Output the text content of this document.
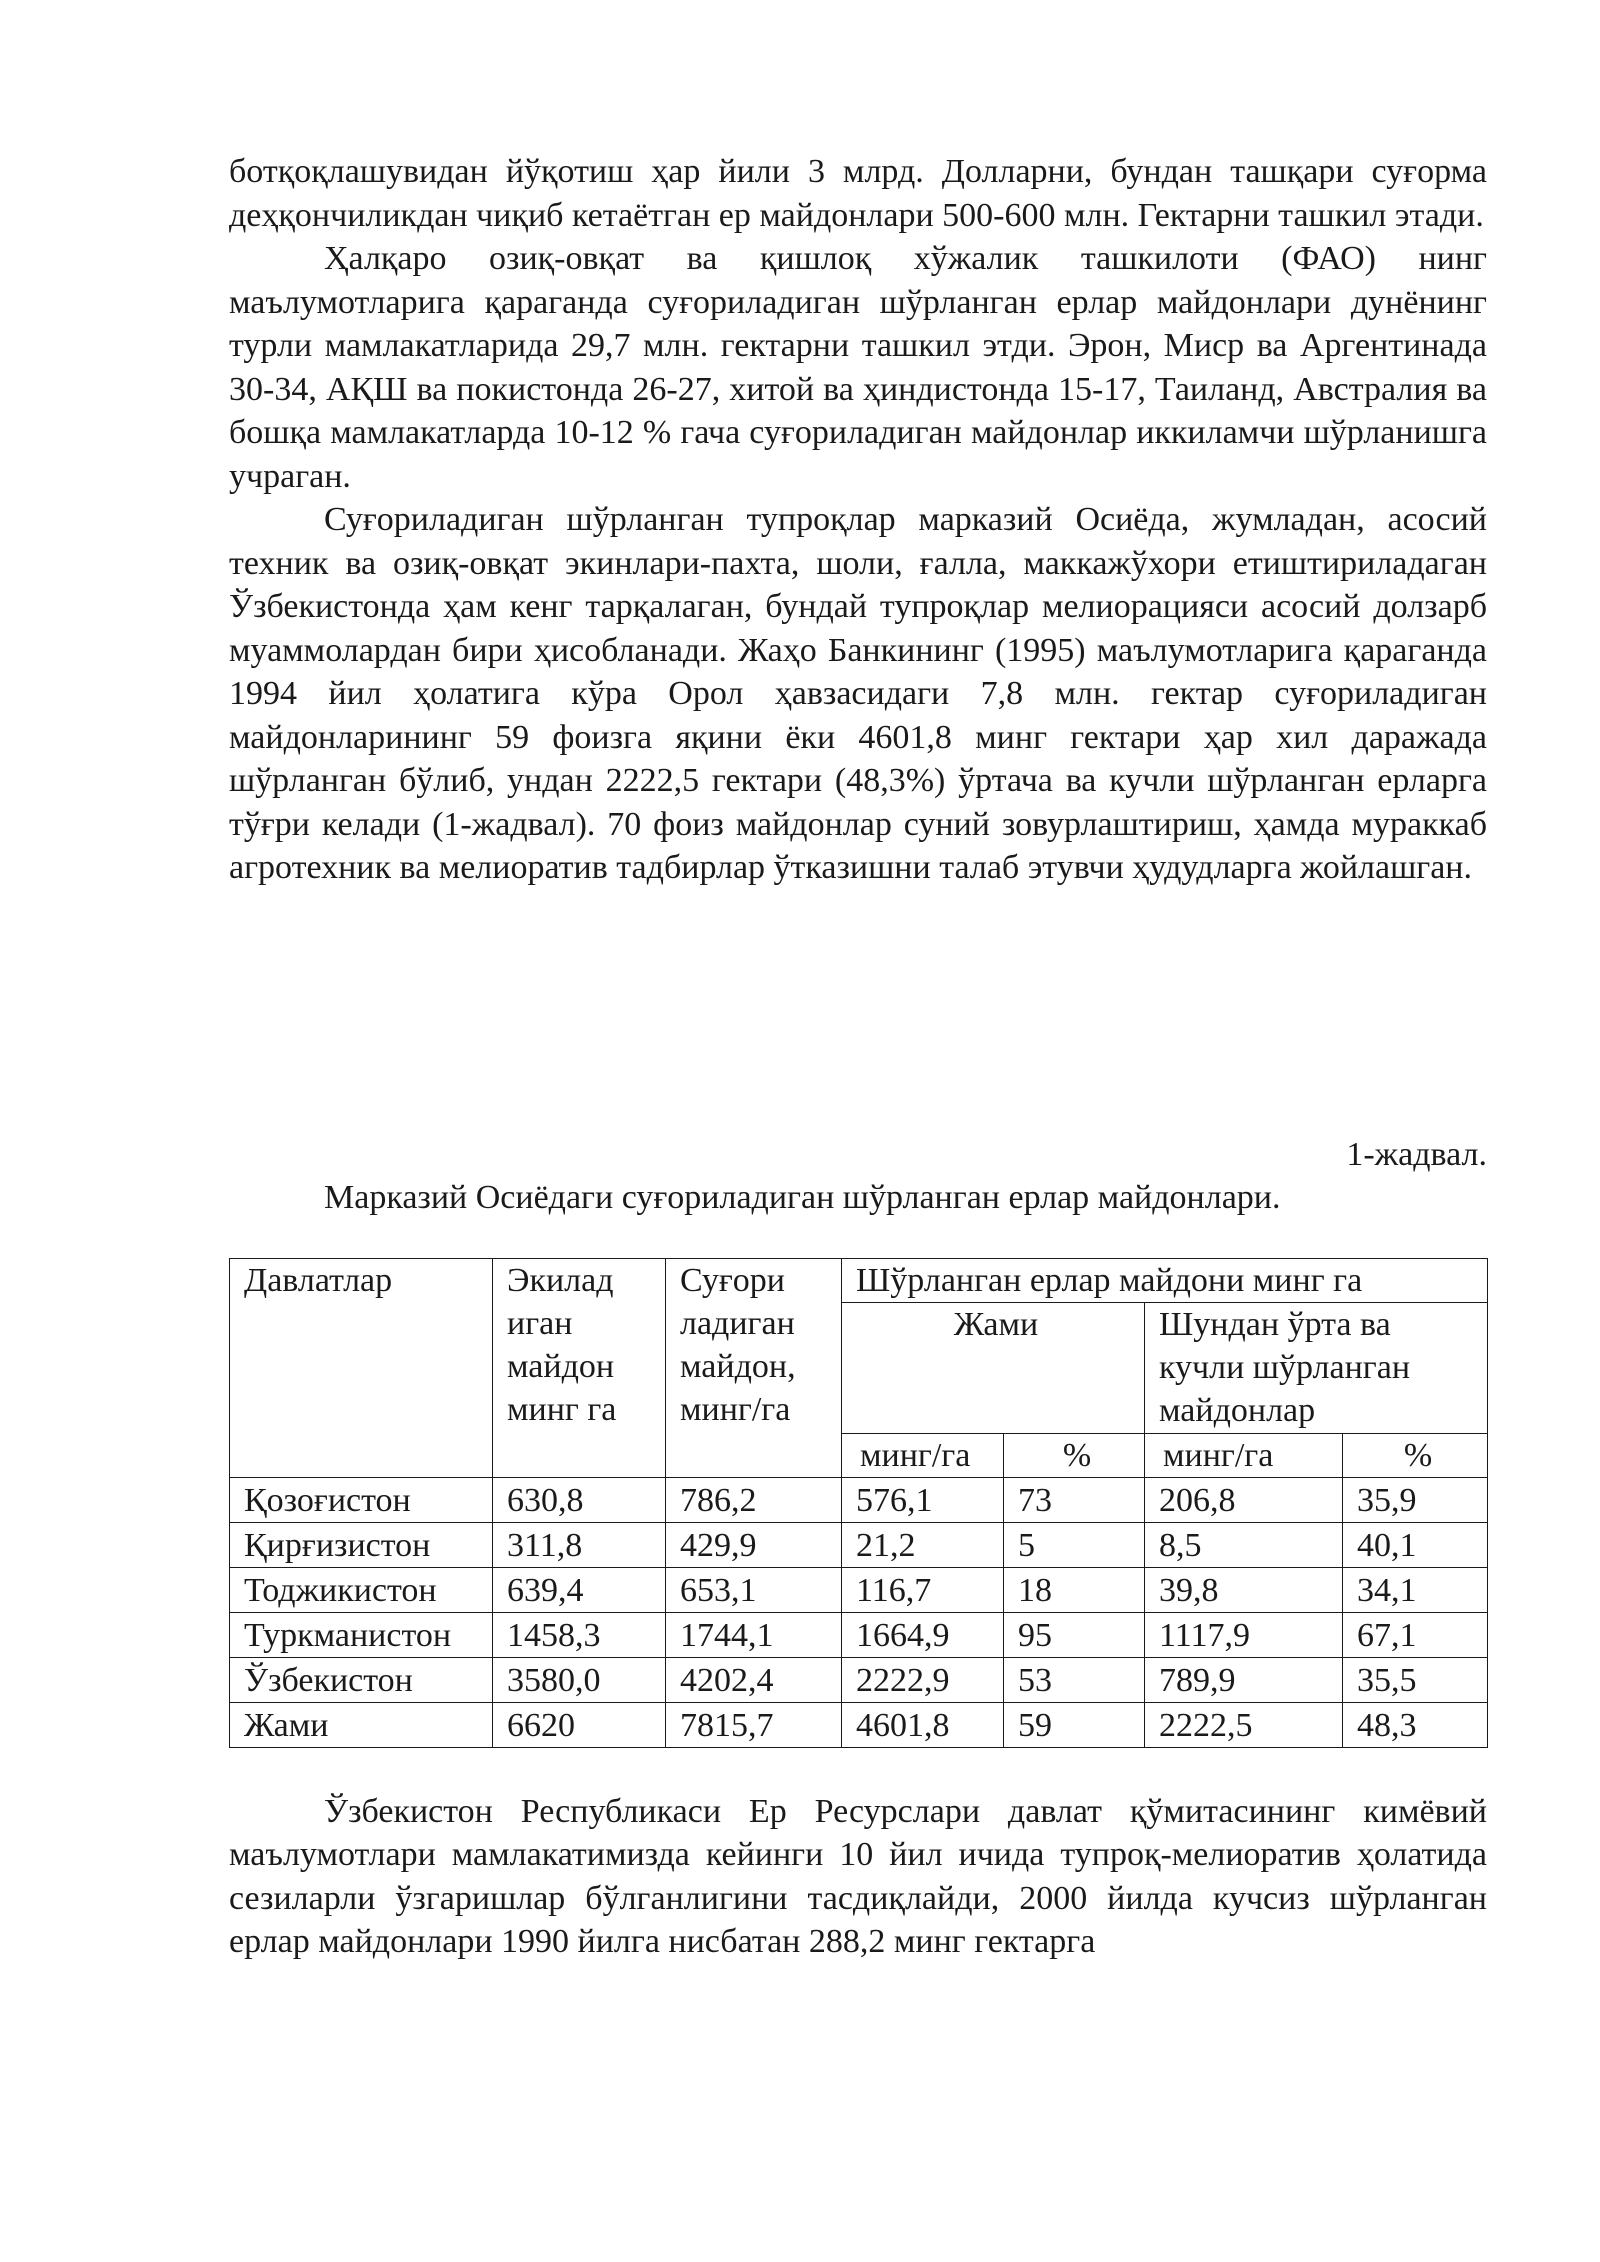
ботқоқлашувидан йўқотиш ҳар йили 3 млрд. Долларни, бундан ташқари суғорма деҳқончиликдан чиқиб кетаётган ер майдонлари 500-600 млн. Гектарни ташкил этади.

Ҳалқаро озиқ-овқат ва қишлоқ хўжалик ташкилоти (ФАО) нинг маълумотларига қараганда суғориладиган шўрланган ерлар майдонлари дунёнинг турли мамлакатларида 29,7 млн. гектарни ташкил этди. Эрон, Миср ва Аргентинада 30-34, АҚШ ва покистонда 26-27, хитой ва ҳиндистонда 15-17, Таиланд, Австралия ва бошқа мамлакатларда 10-12 % гача суғориладиган майдонлар иккиламчи шўрланишга учраган.

Суғориладиган шўрланган тупроқлар марказий Осиёда, жумладан, асосий техник ва озиқ-овқат экинлари-пахта, шоли, ғалла, маккажўхори етиштириладаган Ўзбекистонда ҳам кенг тарқалаган, бундай тупроқлар мелиорацияси асосий долзарб муаммолардан бири ҳисобланади. Жаҳо Банкининг (1995) маълумотларига қараганда 1994 йил ҳолатига кўра Орол ҳавзасидаги 7,8 млн. гектар суғориладиган майдонларининг 59 фоизга яқини ёки 4601,8 минг гектари ҳар хил даражада шўрланган бўлиб, ундан 2222,5 гектари (48,3%) ўртача ва кучли шўрланган ерларга тўғри келади (1-жадвал). 70 фоиз майдонлар суний зовурлаштириш, ҳамда мураккаб агротехник ва мелиоратив тадбирлар ўтказишни талаб этувчи ҳудудларга жойлашган.

1-жадвал.

Марказий Осиёдаги суғориладиган шўрланган ерлар майдонлари.

Давлатлар	Экилад иган майдон минг га	Суғори ладиган майдон, минг/га	Шўрланган ерлар майдони минг га			
			Жами		Шундан ўрта ва кучли шўрланган майдонлар	
			минг/га	%	минг/га	%
Қозоғистон	630,8	786,2	576,1	73	206,8	35,9
Қирғизистон	311,8	429,9	21,2	5	8,5	40,1
Тоджикистон	639,4	653,1	116,7	18	39,8	34,1
Туркманистон	1458,3	1744,1	1664,9	95	1117,9	67,1
Ўзбекистон	3580,0	4202,4	2222,9	53	789,9	35,5
Жами	6620	7815,7	4601,8	59	2222,5	48,3

Ўзбекистон Республикаси Ер Ресурслари давлат қўмитасининг кимёвий маълумотлари мамлакатимизда кейинги 10 йил ичида тупроқ-мелиоратив ҳолатида сезиларли ўзгаришлар бўлганлигини тасдиқлайди, 2000 йилда кучсиз шўрланган ерлар майдонлари 1990 йилга нисбатан 288,2 минг гектарга
